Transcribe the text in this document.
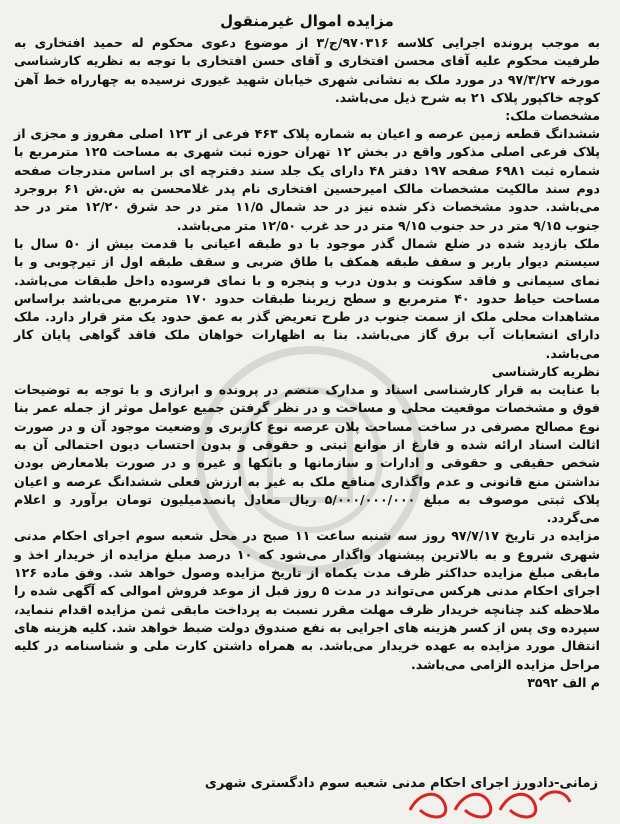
مزایده اموال غیرمنقول

به موجب پرونده اجرایی کلاسه ۹۷۰۳۱۶/ج/۳ از موضوع دعوی محکوم له حمید افتخاری به طرفیت محکوم علیه آقای محسن افتخاری و آقای حسن افتخاری با توجه به نظریه کارشناسی مورخه ۹۷/۳/۲۷ در مورد ملک به نشانی شهری خیابان شهید غیوری نرسیده به چهارراه خط آهن کوچه خاکپور پلاک ۲۱ به شرح ذیل می‌باشد.

مشخصات ملک:

ششدانگ قطعه زمین عرصه و اعیان به شماره پلاک ۴۶۳ فرعی از ۱۲۳ اصلی مفروز و مجزی از پلاک فرعی اصلی مذکور واقع در بخش ۱۲ تهران حوزه ثبت شهری به مساحت ۱۲۵ مترمربع با شماره ثبت ۶۹۸۱ صفحه ۱۹۷ دفتر ۴۸ دارای یک جلد سند دفترچه ای بر اساس مندرجات صفحه دوم سند مالکیت مشخصات مالک امیرحسین افتخاری نام پدر غلامحسن به ش.ش ۶۱ بروجرد می‌باشد. حدود مشخصات ذکر شده نیز در حد شمال ۱۱/۵ متر در حد شرق ۱۲/۲۰ متر در حد جنوب ۹/۱۵ متر در حد جنوب ۹/۱۵ متر در حد غرب ۱۲/۵۰ متر می‌باشد.

ملک بازدید شده در ضلع شمال گذر موجود با دو طبقه اعیانی با قدمت بیش از ۵۰ سال با سیستم دیوار باربر و سقف طبقه همکف با طاق ضربی و سقف طبقه اول از تیرچوبی و با نمای سیمانی و فاقد سکونت و بدون درب و پنجره و با نمای فرسوده داخل طبقات می‌باشد. مساحت حیاط حدود ۴۰ مترمربع و سطح زیربنا طبقات حدود ۱۷۰ مترمربع می‌باشد براساس مشاهدات محلی ملک از سمت جنوب در طرح تعریض گذر به عمق حدود یک متر قرار دارد. ملک دارای انشعابات آب برق گاز می‌باشد. بنا به اظهارات خواهان ملک فاقد گواهی پایان کار می‌باشد.

نظریه کارشناسی

با عنایت به قرار کارشناسی اسناد و مدارک منضم در پرونده و ابرازی و با توجه به توضیحات فوق و مشخصات موقعیت محلی و مساحت و در نظر گرفتن جمیع عوامل موثر از جمله عمر بنا نوع مصالح مصرفی در ساخت مساحت پلان عرصه نوع کاربری و وضعیت موجود آن و در صورت اثالث اسناد ارائه شده و فارغ از موانع ثبتی و حقوقی و بدون احتساب دیون احتمالی آن به شخص حقیقی و حقوقی و ادارات و سازمانها و بانکها و غیره و در صورت بلامعارض بودن نداشتن منع قانونی و عدم واگذاری منافع ملک به غیر به ارزش فعلی ششدانگ عرصه و اعیان پلاک ثبتی موصوف به مبلغ ۵/۰۰۰/۰۰۰/۰۰۰ ریال معادل پانصدمیلیون تومان برآورد و اعلام می‌گردد.

مزایده در تاریخ ۹۷/۷/۱۷ روز سه شنبه ساعت ۱۱ صبح در محل شعبه سوم اجرای احکام مدنی شهری شروع و به بالاترین پیشنهاد واگذار می‌شود که ۱۰ درصد مبلغ مزایده از خریدار اخذ و مابقی مبلغ مزایده حداکثر ظرف مدت یکماه از تاریخ مزایده وصول خواهد شد. وفق ماده ۱۲۶ اجرای احکام مدنی هرکس می‌تواند در مدت ۵ روز قبل از موعد فروش اموالی که آگهی شده را ملاحظه کند چنانچه خریدار ظرف مهلت مقرر نسبت به پرداخت مابقی ثمن مزایده اقدام ننماید، سپرده وی پس از کسر هزینه های اجرایی به نفع صندوق دولت ضبط خواهد شد. کلیه هزینه های انتقال مورد مزایده به عهده خریدار می‌باشد. به همراه داشتن کارت ملی و شناسنامه در کلیه مراحل مزایده الزامی می‌باشد.

م الف ۳۵۹۲

زمانی-دادورز اجرای احکام مدنی شعبه سوم دادگستری شهری
